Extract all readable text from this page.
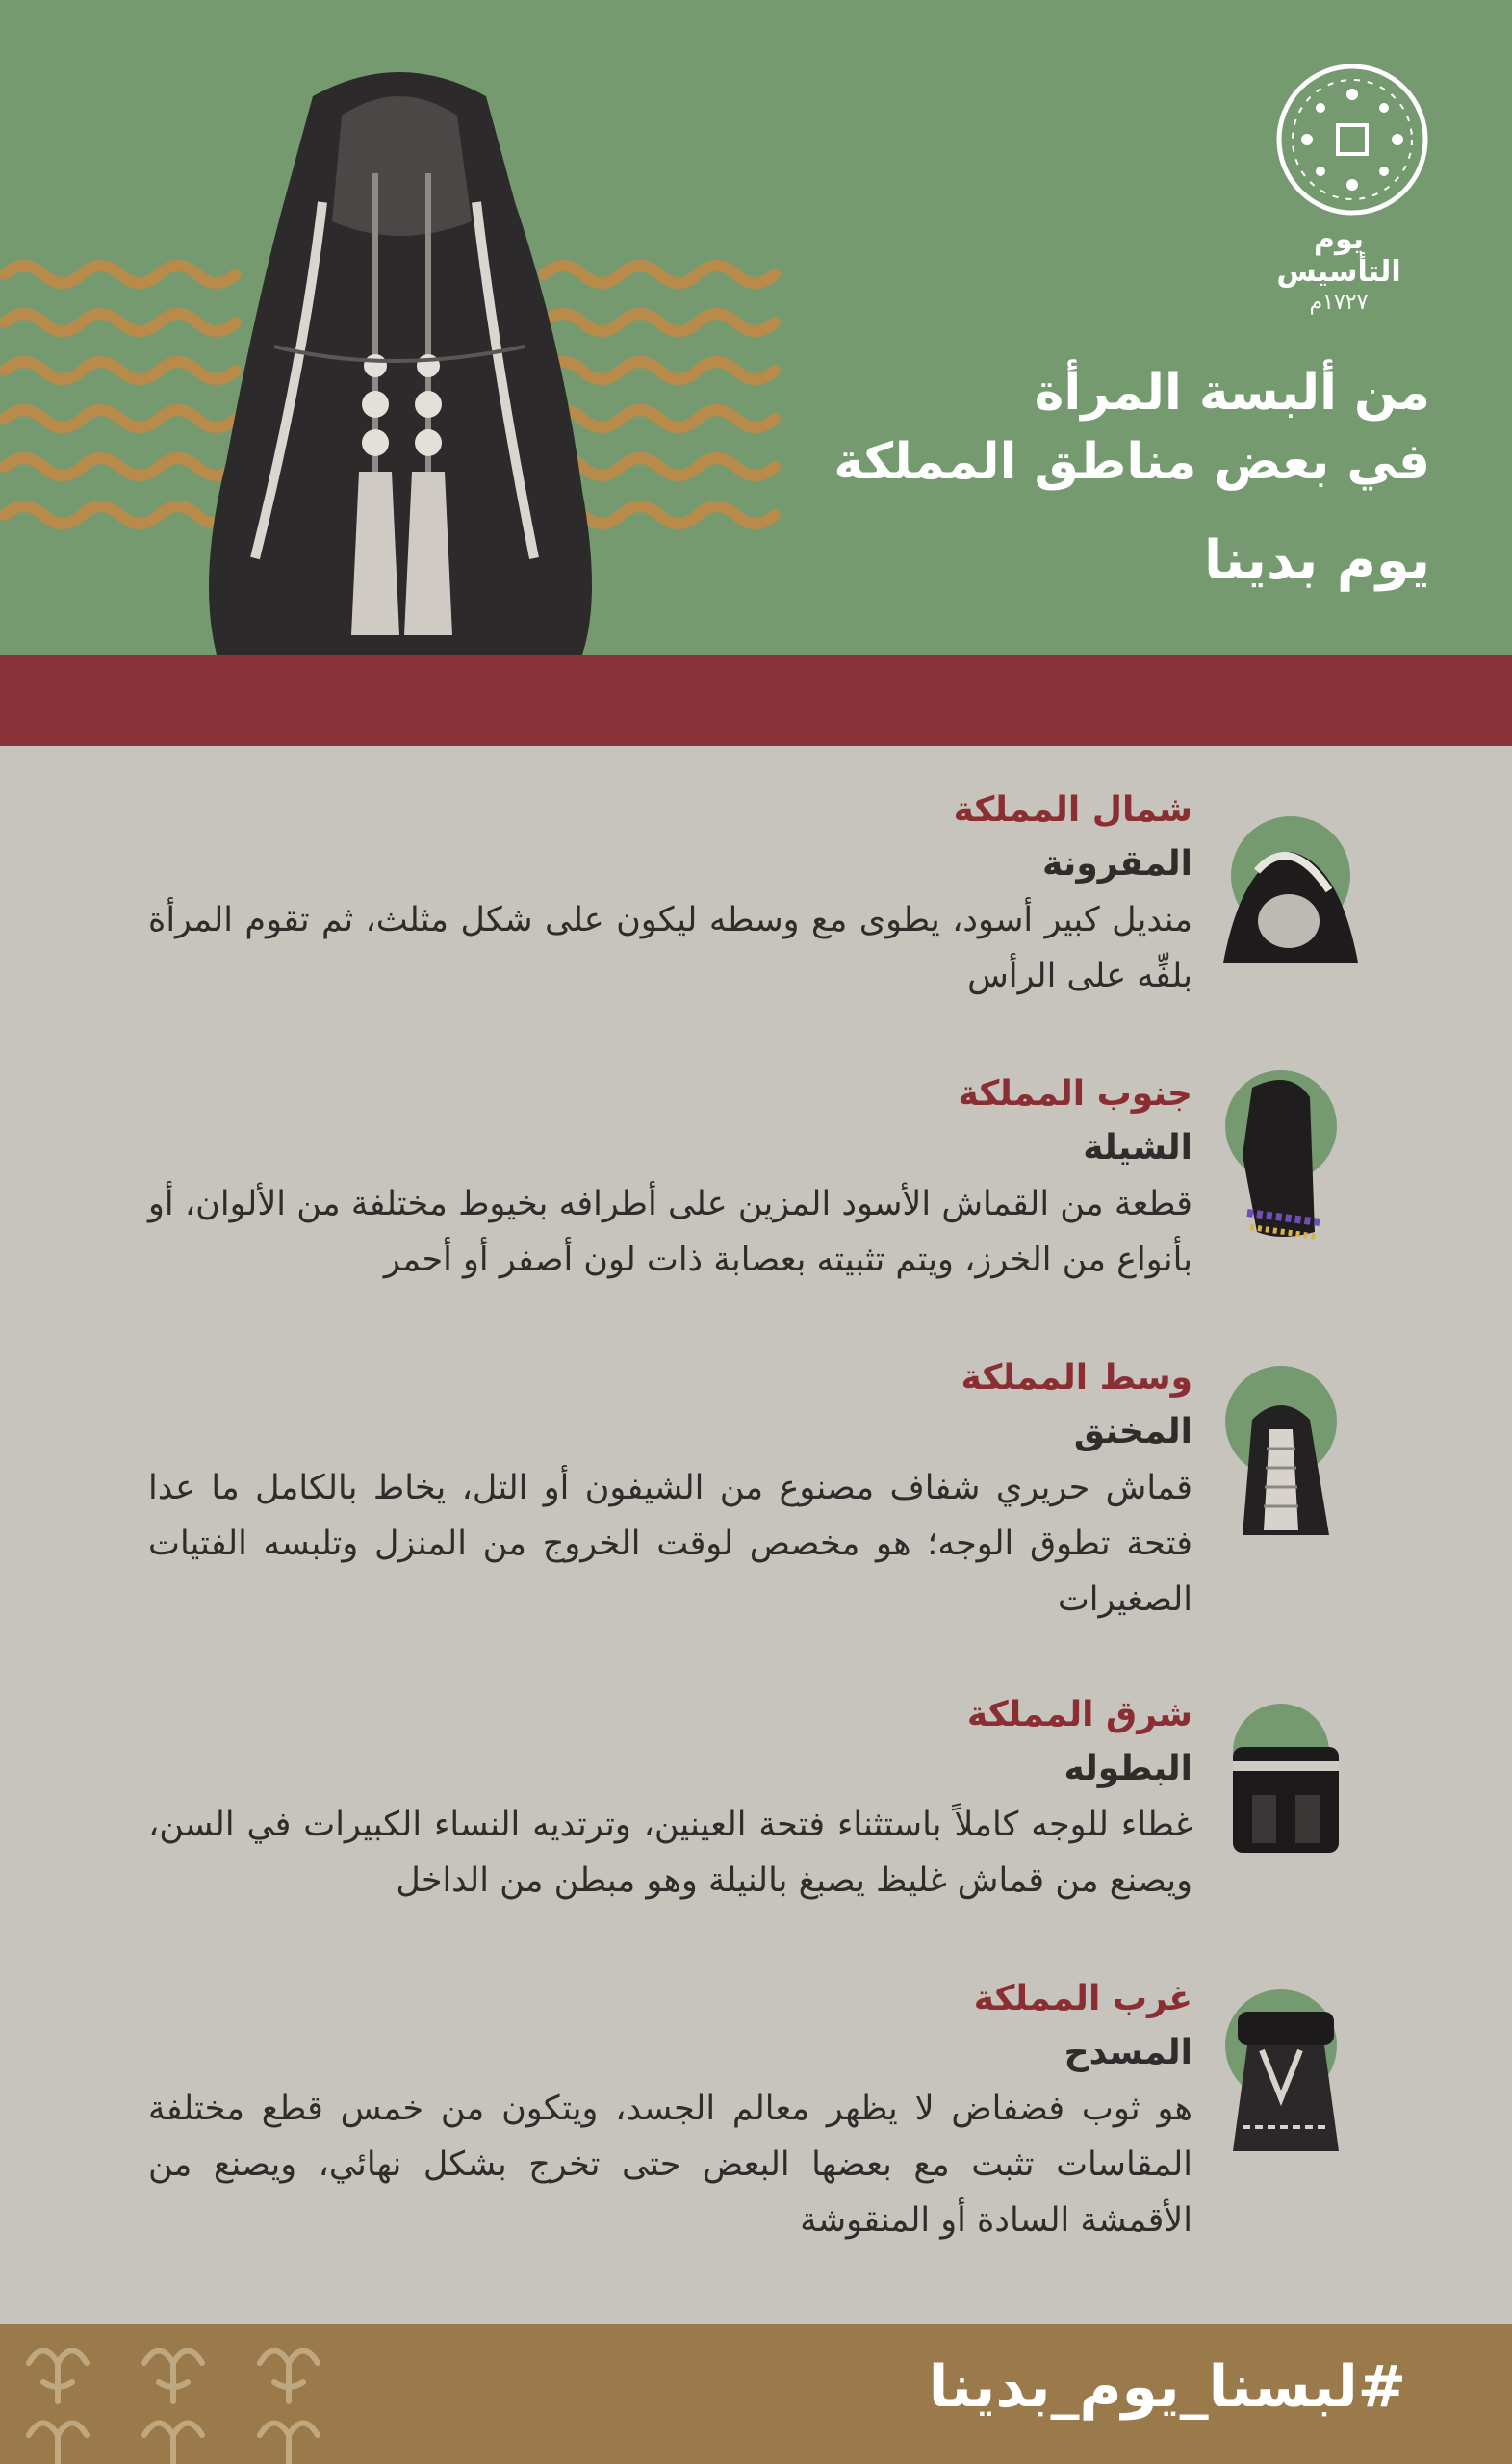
يوم
التأسيس
١٧٢٧م
من ألبسة المرأة
في بعض مناطق المملكة
يوم بدينا
شمال المملكة
المقرونة
منديل كبير أسود، يطوى مع وسطه ليكون على شكل مثلث، ثم تقوم المرأة بلفِّه على الرأس
جنوب المملكة
الشيلة
قطعة من القماش الأسود المزين على أطرافه بخيوط مختلفة من الألوان، أو بأنواع من الخرز، ويتم تثبيته بعصابة ذات لون أصفر أو أحمر
وسط المملكة
المخنق
قماش حريري شفاف مصنوع من الشيفون أو التل، يخاط بالكامل ما عدا فتحة تطوق الوجه؛ هو مخصص لوقت الخروج من المنزل وتلبسه الفتيات الصغيرات
شرق المملكة
البطوله
غطاء للوجه كاملاً باستثناء فتحة العينين، وترتديه النساء الكبيرات في السن، ويصنع من قماش غليظ يصبغ بالنيلة وهو مبطن من الداخل
غرب المملكة
المسدح
هو ثوب فضفاض لا يظهر معالم الجسد، ويتكون من خمس قطع مختلفة المقاسات تثبت مع بعضها البعض حتى تخرج بشكل نهائي، ويصنع من الأقمشة السادة أو المنقوشة
#لبسنا_يوم_بدينا
